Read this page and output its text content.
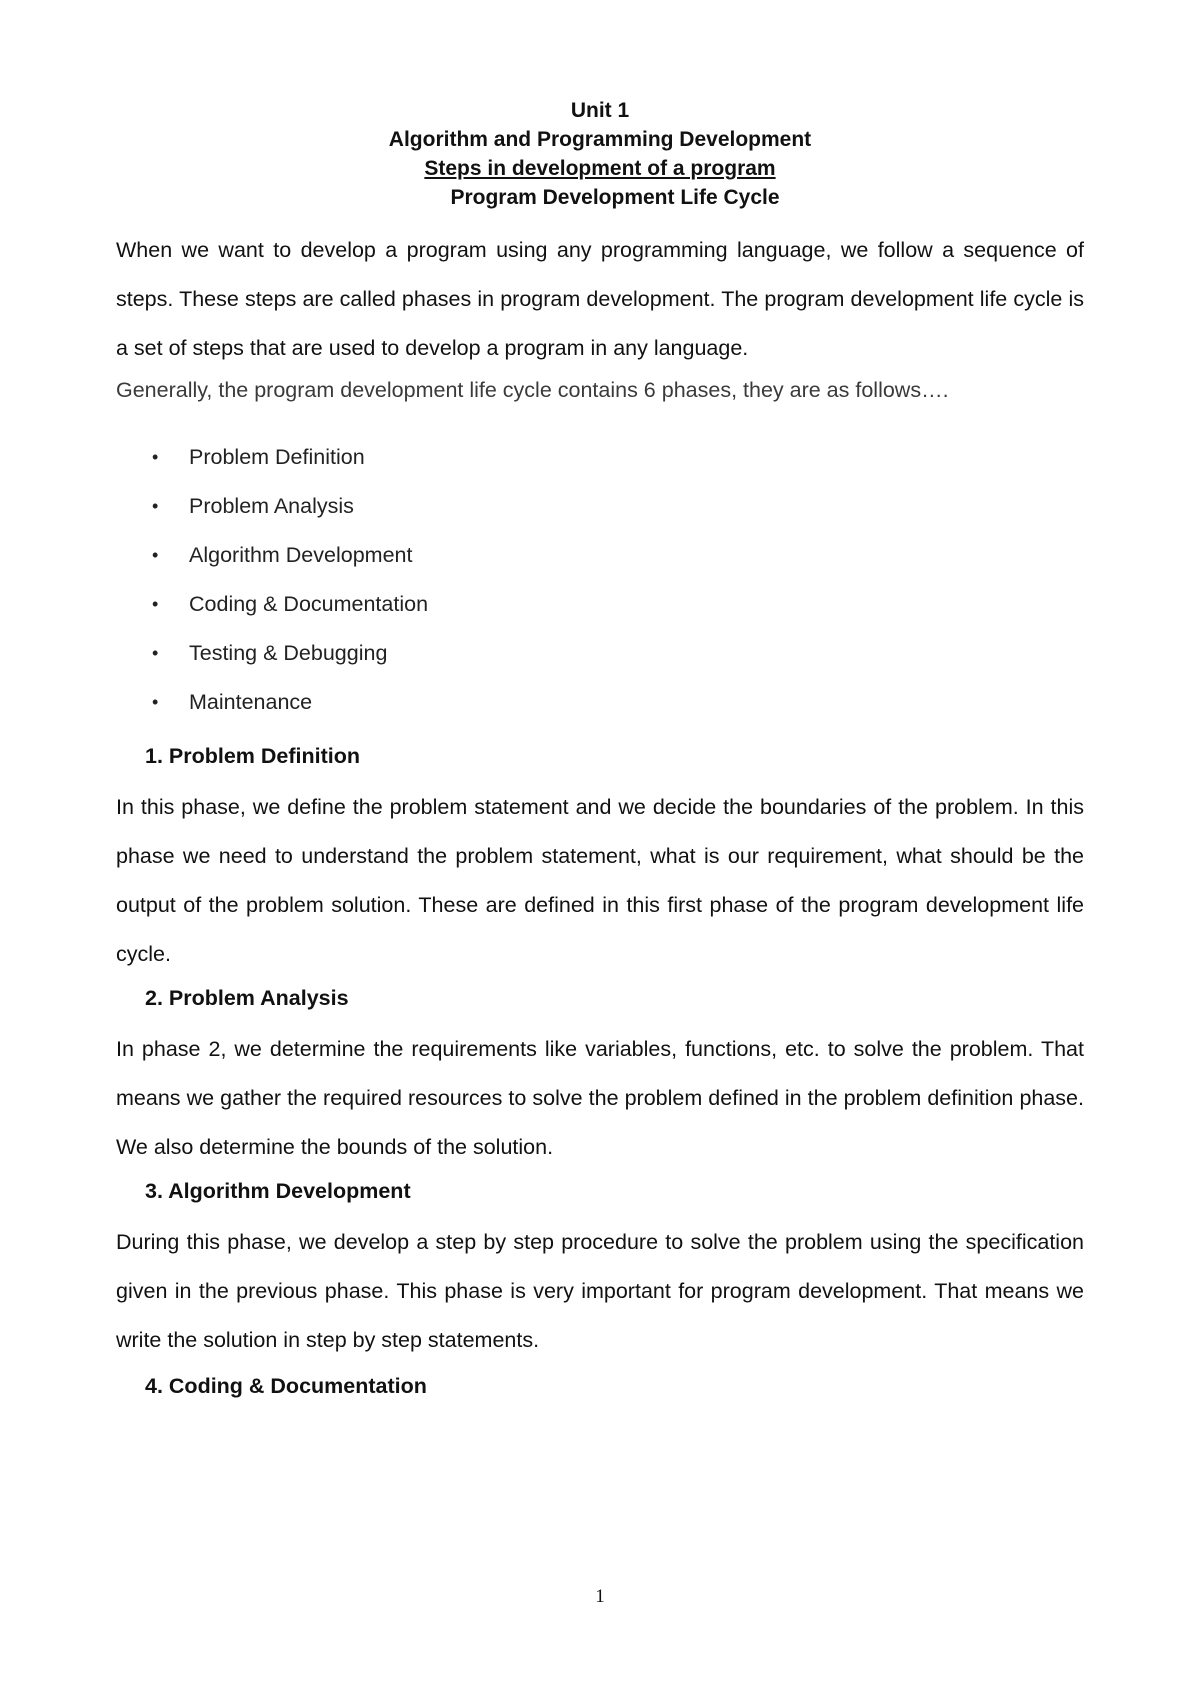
Unit 1
Algorithm and Programming Development
Steps in development of a program
Program Development Life Cycle

When we want to develop a program using any programming language, we follow a sequence of steps. These steps are called phases in program development. The program development life cycle is a set of steps that are used to develop a program in any language.

Generally, the program development life cycle contains 6 phases, they are as follows….

• Problem Definition
• Problem Analysis
• Algorithm Development
• Coding & Documentation
• Testing & Debugging
• Maintenance
1. Problem Definition

In this phase, we define the problem statement and we decide the boundaries of the problem. In this phase we need to understand the problem statement, what is our requirement, what should be the output of the problem solution. These are defined in this first phase of the program development life cycle.

2. Problem Analysis

In phase 2, we determine the requirements like variables, functions, etc. to solve the problem. That means we gather the required resources to solve the problem defined in the problem definition phase. We also determine the bounds of the solution.

3. Algorithm Development

During this phase, we develop a step by step procedure to solve the problem using the specification given in the previous phase. This phase is very important for program development. That means we write the solution in step by step statements.

4. Coding & Documentation
1
